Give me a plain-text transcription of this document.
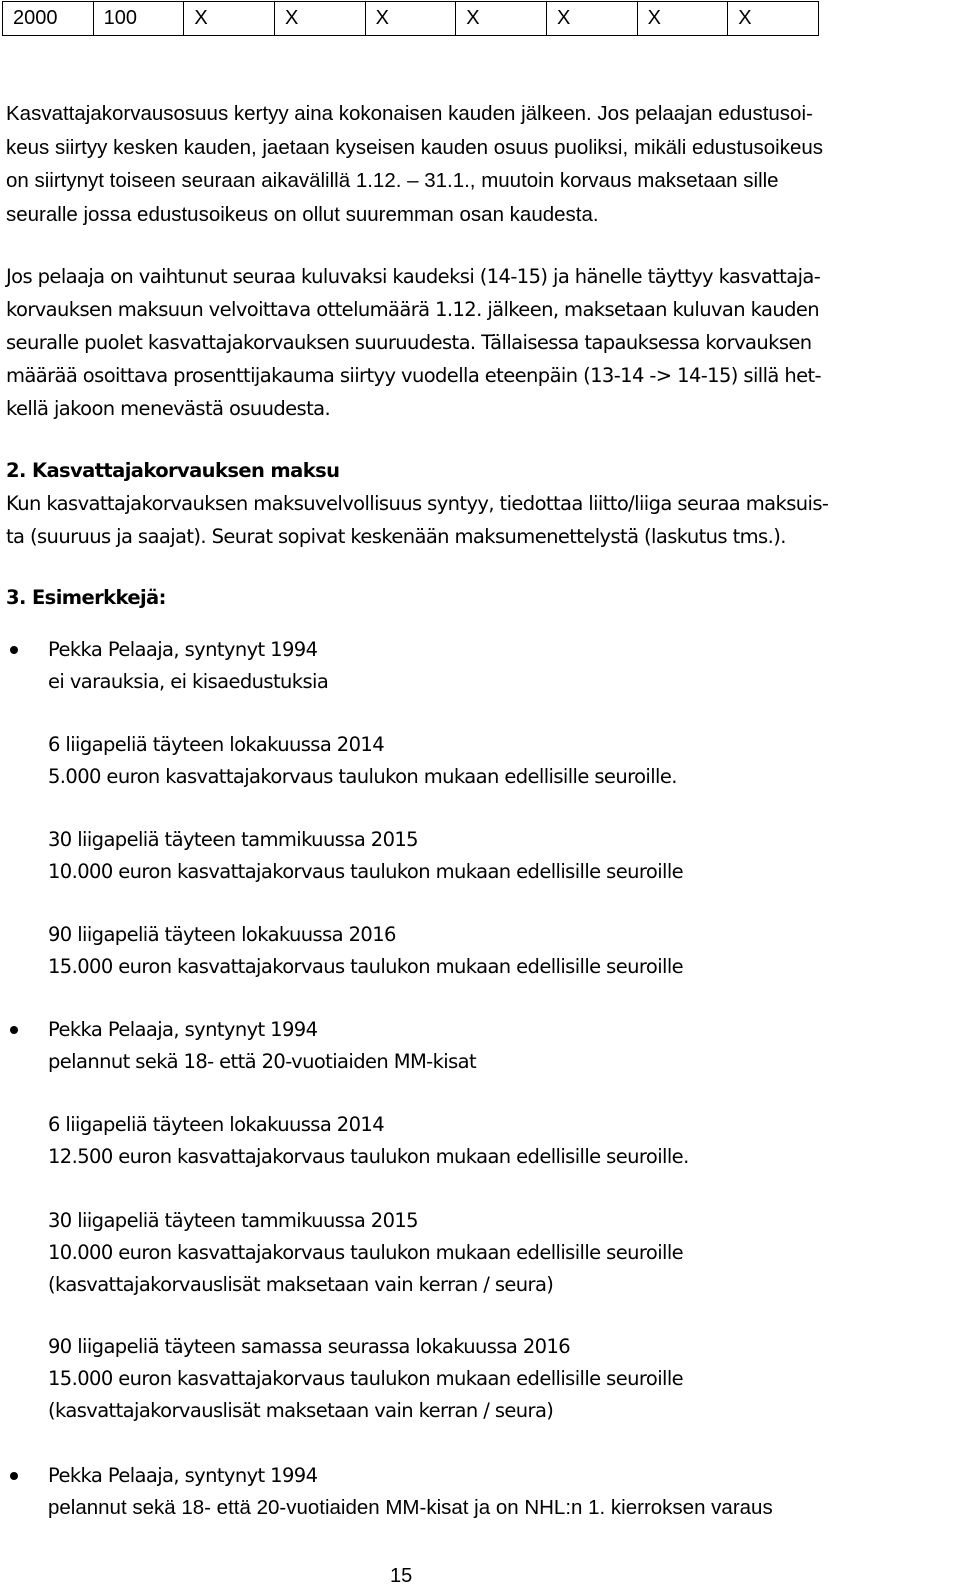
2000	100	X	X	X	X	X	X	X
Kasvattajakorvausosuus kertyy aina kokonaisen kauden jälkeen. Jos pelaajan edustusoi-
keus siirtyy kesken kauden, jaetaan kyseisen kauden osuus puoliksi, mikäli edustusoikeus
on siirtynyt toiseen seuraan aikavälillä 1.12. – 31.1., muutoin korvaus maksetaan sille
seuralle jossa edustusoikeus on ollut suuremman osan kaudesta.
Jos pelaaja on vaihtunut seuraa kuluvaksi kaudeksi (14-15) ja hänelle täyttyy kasvattaja-
korvauksen maksuun velvoittava ottelumäärä 1.12. jälkeen, maksetaan kuluvan kauden
seuralle puolet kasvattajakorvauksen suuruudesta. Tällaisessa tapauksessa korvauksen
määrää osoittava prosenttijakauma siirtyy vuodella eteenpäin (13-14 -> 14-15) sillä het-
kellä jakoon menevästä osuudesta.
2. Kasvattajakorvauksen maksu
Kun kasvattajakorvauksen maksuvelvollisuus syntyy, tiedottaa liitto/liiga seuraa maksuis-
ta (suuruus ja saajat). Seurat sopivat keskenään maksumenettelystä (laskutus tms.).
3. Esimerkkejä:
Pekka Pelaaja, syntynyt 1994
ei varauksia, ei kisaedustuksia
6 liigapeliä täyteen lokakuussa 2014
5.000 euron kasvattajakorvaus taulukon mukaan edellisille seuroille.
30 liigapeliä täyteen tammikuussa 2015
10.000 euron kasvattajakorvaus taulukon mukaan edellisille seuroille
90 liigapeliä täyteen lokakuussa 2016
15.000 euron kasvattajakorvaus taulukon mukaan edellisille seuroille
Pekka Pelaaja, syntynyt 1994
pelannut sekä 18- että 20-vuotiaiden MM-kisat
6 liigapeliä täyteen lokakuussa 2014
12.500 euron kasvattajakorvaus taulukon mukaan edellisille seuroille.
30 liigapeliä täyteen tammikuussa 2015
10.000 euron kasvattajakorvaus taulukon mukaan edellisille seuroille
(kasvattajakorvauslisät maksetaan vain kerran / seura)
90 liigapeliä täyteen samassa seurassa lokakuussa 2016
15.000 euron kasvattajakorvaus taulukon mukaan edellisille seuroille
(kasvattajakorvauslisät maksetaan vain kerran / seura)
Pekka Pelaaja, syntynyt 1994
pelannut sekä 18- että 20-vuotiaiden MM-kisat ja on NHL:n 1. kierroksen varaus
15
